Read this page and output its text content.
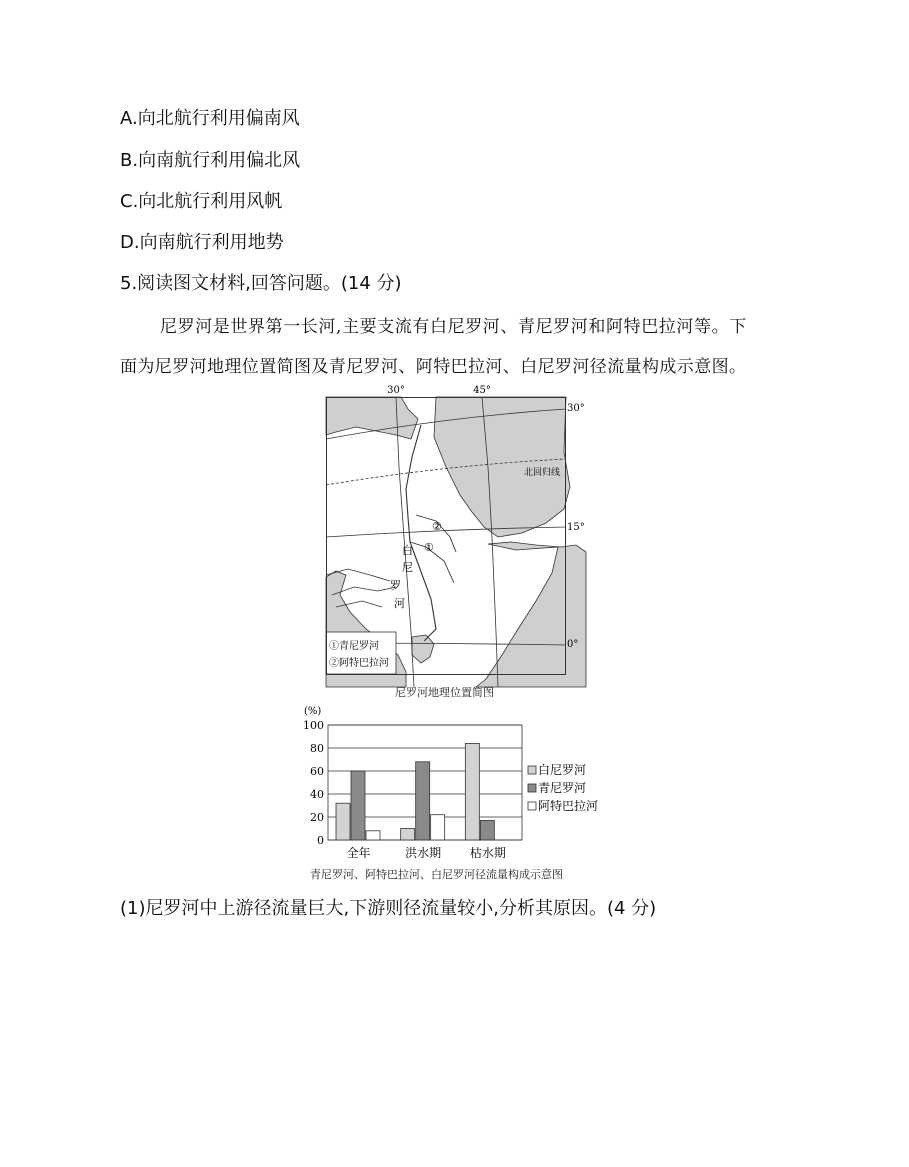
A.向北航行利用偏南风
B.向南航行利用偏北风
C.向北航行利用风帆
D.向南航行利用地势
5.阅读图文材料,回答问题。(14 分)
尼罗河是世界第一长河,主要支流有白尼罗河、青尼罗河和阿特巴拉河等。下
面为尼罗河地理位置简图及青尼罗河、阿特巴拉河、白尼罗河径流量构成示意图。
30°	45°
30°
15°
0°
北回归线
①
②
白
尼
罗
河
①青尼罗河
②阿特巴拉河
尼罗河地理位置简图
0
20
40
60
80
100
(%)
全年	洪水期 枯水期
白尼罗河
青尼罗河
阿特巴拉河
青尼罗河、阿特巴拉河、白尼罗河径流量构成示意图
(1)尼罗河中上游径流量巨大,下游则径流量较小,分析其原因。(4 分)
